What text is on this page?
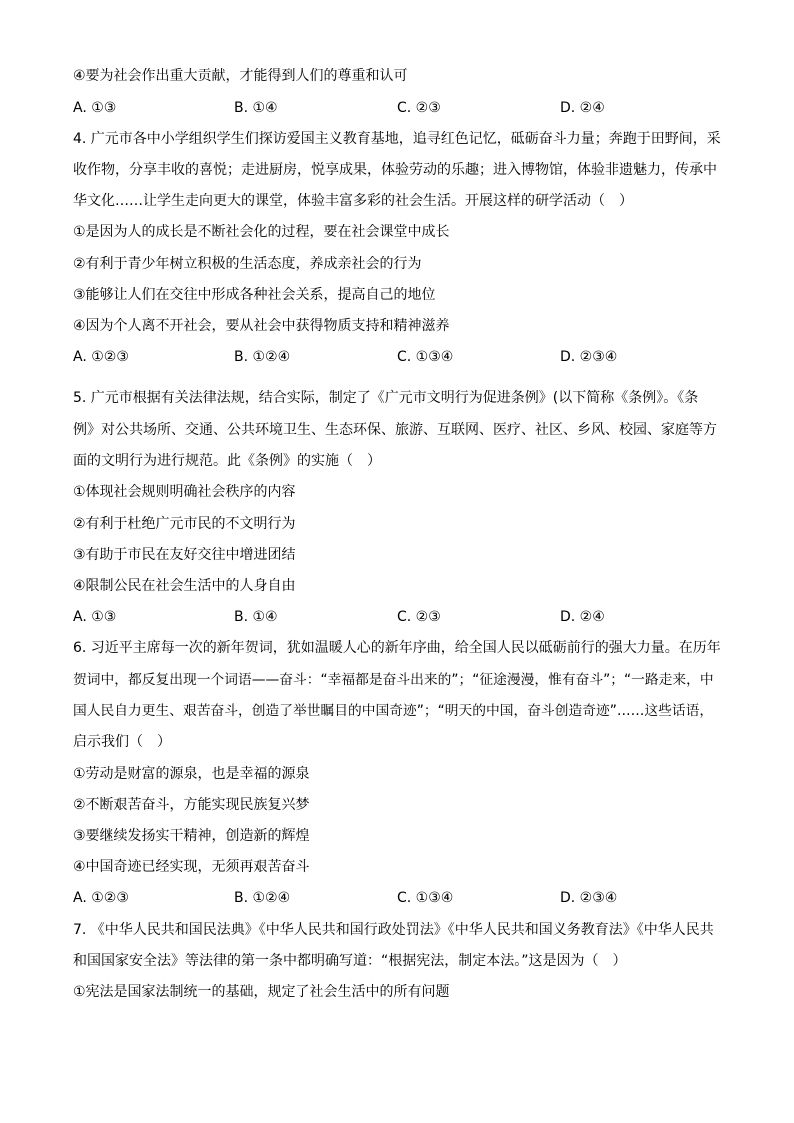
④要为社会作出重大贡献，才能得到人们的尊重和认可
A. ①③	B. ①④	C. ②③	D. ②④
4. 广元市各中小学组织学生们探访爱国主义教育基地，追寻红色记忆，砥砺奋斗力量；奔跑于田野间，采
收作物，分享丰收的喜悦；走进厨房，悦享成果，体验劳动的乐趣；进入博物馆，体验非遗魅力，传承中
华文化……让学生走向更大的课堂，体验丰富多彩的社会生活。开展这样的研学活动（　）
①是因为人的成长是不断社会化的过程，要在社会课堂中成长
②有利于青少年树立积极的生活态度，养成亲社会的行为
③能够让人们在交往中形成各种社会关系，提高自己的地位
④因为个人离不开社会，要从社会中获得物质支持和精神滋养
A. ①②③	B. ①②④	C. ①③④	D. ②③④
5. 广元市根据有关法律法规，结合实际，制定了《广元市文明行为促进条例》(以下简称《条例》。《条
例》对公共场所、交通、公共环境卫生、生态环保、旅游、互联网、医疗、社区、乡风、校园、家庭等方
面的文明行为进行规范。此《条例》的实施（　）
①体现社会规则明确社会秩序的内容
②有利于杜绝广元市民的不文明行为
③有助于市民在友好交往中增进团结
④限制公民在社会生活中的人身自由
A. ①③	B. ①④	C. ②③	D. ②④
6. 习近平主席每一次的新年贺词，犹如温暖人心的新年序曲，给全国人民以砥砺前行的强大力量。在历年
贺词中，都反复出现一个词语——奋斗：“幸福都是奋斗出来的”；“征途漫漫，惟有奋斗”；“一路走来，中
国人民自力更生、艰苦奋斗，创造了举世瞩目的中国奇迹”；“明天的中国，奋斗创造奇迹”……这些话语，
启示我们（　）
①劳动是财富的源泉，也是幸福的源泉
②不断艰苦奋斗，方能实现民族复兴梦
③要继续发扬实干精神，创造新的辉煌
④中国奇迹已经实现，无须再艰苦奋斗
A. ①②③	B. ①②④	C. ①③④	D. ②③④
7. 《中华人民共和国民法典》《中华人民共和国行政处罚法》《中华人民共和国义务教育法》《中华人民共
和国国家安全法》等法律的第一条中都明确写道：“根据宪法，制定本法。”这是因为（　）
①宪法是国家法制统一的基础，规定了社会生活中的所有问题
